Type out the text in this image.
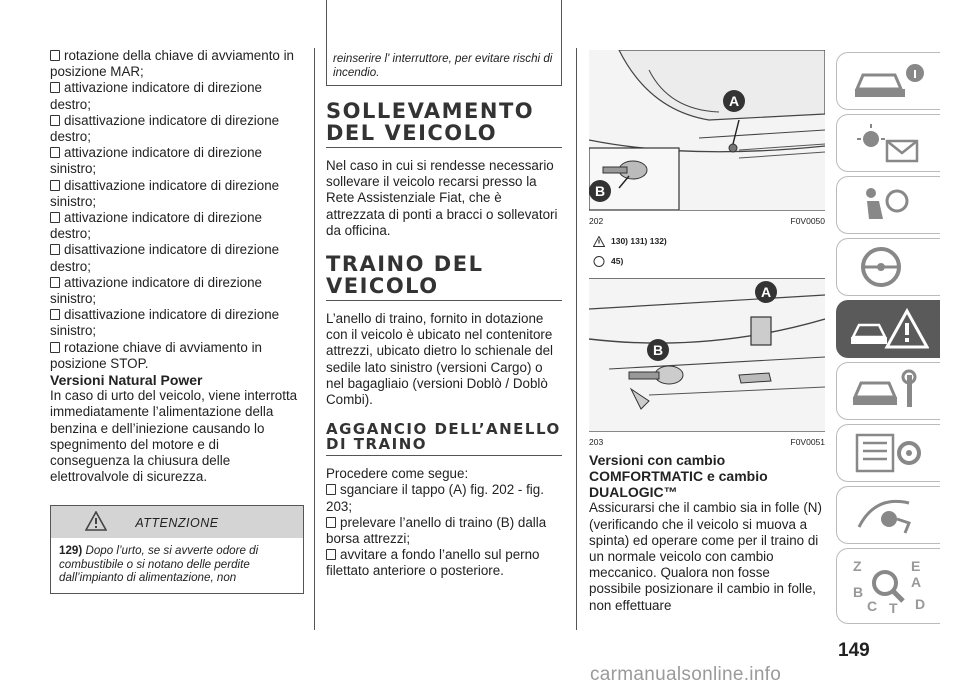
rotazione della chiave di avviamento in posizione MAR;
attivazione indicatore di direzione destro;
disattivazione indicatore di direzione destro;
attivazione indicatore di direzione sinistro;
disattivazione indicatore di direzione sinistro;
attivazione indicatore di direzione destro;
disattivazione indicatore di direzione destro;
attivazione indicatore di direzione sinistro;
disattivazione indicatore di direzione sinistro;
rotazione chiave di avviamento in posizione STOP.

Versioni Natural Power

In caso di urto del veicolo, viene interrotta immediatamente l’alimentazione della benzina e dell’iniezione causando lo spegnimento del motore e di conseguenza la chiusura delle elettrovalvole di sicurezza.

ATTENZIONE
129) Dopo l’urto, se si avverte odore di combustibile o si notano delle perdite dall’impianto di alimentazione, non
reinserire l' interruttore, per evitare rischi di incendio.
SOLLEVAMENTO DEL VEICOLO

Nel caso in cui si rendesse necessario sollevare il veicolo recarsi presso la Rete Assistenziale Fiat, che è attrezzata di ponti a bracci o sollevatori da officina.

TRAINO DEL VEICOLO

L’anello di traino, fornito in dotazione con il veicolo è ubicato nel contenitore attrezzi, ubicato dietro lo schienale del sedile lato sinistro (versioni Cargo) o nel bagagliaio (versioni Doblò / Doblò Combi).

AGGANCIO DELL’ANELLO DI TRAINO

Procedere come segue:

sganciare il tappo (A) fig. 202 - fig. 203;
prelevare l’anello di traino (B) dalla borsa attrezzi;
avvitare a fondo l’anello sul perno filettato anteriore o posteriore.
A
B
202	F0V0050
130) 131) 132)
45)
A
B
203	F0V0051

Versioni con cambio COMFORTMATIC e cambio DUALOGIC™

Assicurarsi che il cambio sia in folle (N) (verificando che il veicolo si muova a spinta) ed operare come per il traino di un normale veicolo con cambio meccanico. Qualora non fosse possibile posizionare il cambio in folle, non effettuare

Z	E
A
B
C T D
149
carmanualsonline.info
